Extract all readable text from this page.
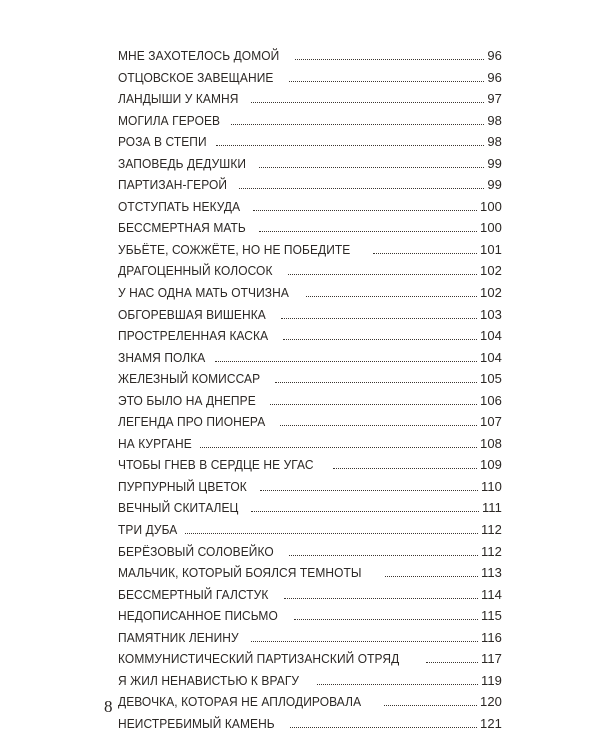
МНЕ ЗАХОТЕЛОСЬ ДОМОЙ	96
ОТЦОВСКОЕ ЗАВЕЩАНИЕ	96
ЛАНДЫШИ У КАМНЯ	97
МОГИЛА ГЕРОЕВ	98
РОЗА В СТЕПИ	98
ЗАПОВЕДЬ ДЕДУШКИ	99
ПАРТИЗАН-ГЕРОЙ	99
ОТСТУПАТЬ НЕКУДА	100
БЕССМЕРТНАЯ МАТЬ	100
УБЬЁТЕ, СОЖЖЁТЕ, НО НЕ ПОБЕДИТЕ	101
ДРАГОЦЕННЫЙ КОЛОСОК	102
У НАС ОДНА МАТЬ ОТЧИЗНА	102
ОБГОРЕВШАЯ ВИШЕНКА	103
ПРОСТРЕЛЕННАЯ КАСКА	104
ЗНАМЯ ПОЛКА	104
ЖЕЛЕЗНЫЙ КОМИССАР	105
ЭТО БЫЛО НА ДНЕПРЕ	106
ЛЕГЕНДА ПРО ПИОНЕРА	107
НА КУРГАНЕ	108
ЧТОБЫ ГНЕВ В СЕРДЦЕ НЕ УГАС	109
ПУРПУРНЫЙ ЦВЕТОК	110
ВЕЧНЫЙ СКИТАЛЕЦ	111
ТРИ ДУБА	112
БЕРЁЗОВЫЙ СОЛОВЕЙКО	112
МАЛЬЧИК, КОТОРЫЙ БОЯЛСЯ ТЕМНОТЫ	113
БЕССМЕРТНЫЙ ГАЛСТУК	114
НЕДОПИСАННОЕ ПИСЬМО	115
ПАМЯТНИК ЛЕНИНУ	116
КОММУНИСТИЧЕСКИЙ ПАРТИЗАНСКИЙ ОТРЯД	117
Я ЖИЛ НЕНАВИСТЬЮ К ВРАГУ	119
ДЕВОЧКА, КОТОРАЯ НЕ АПЛОДИРОВАЛА	120
НЕИСТРЕБИМЫЙ КАМЕНЬ	121
8
